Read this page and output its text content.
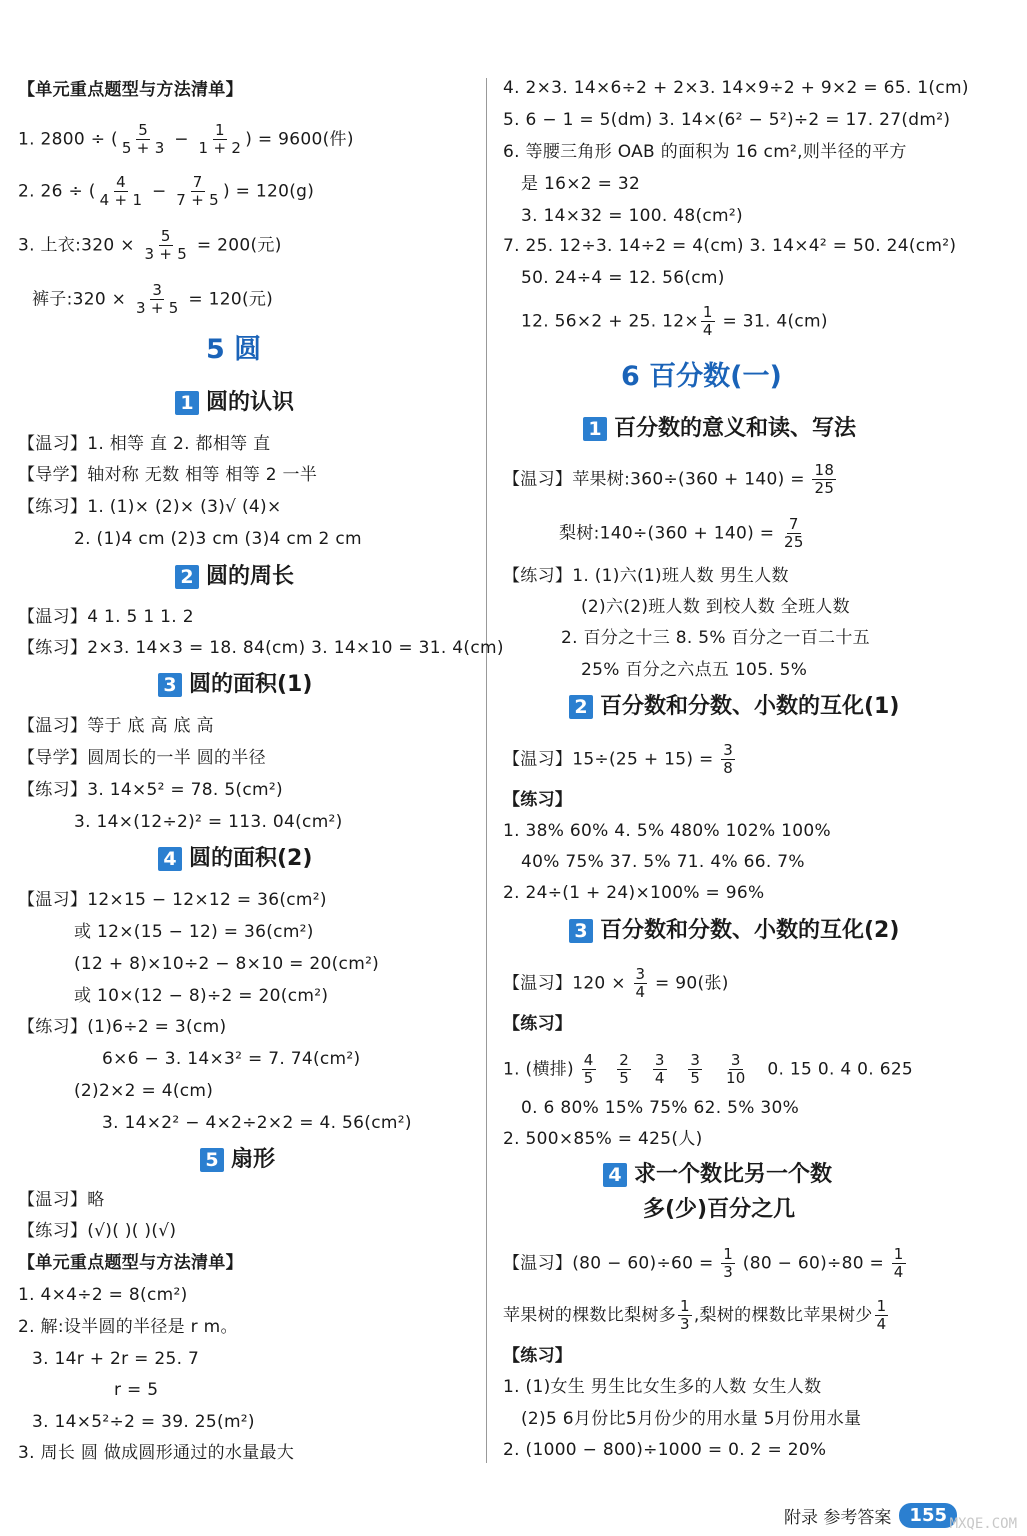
【单元重点题型与方法清单】
1. 2800 ÷ ( $\frac{5}{5 + 3} - \frac{1}{1 + 2}$ ) = 9600(件)
2. 26 ÷ ( $\frac{4}{4 + 1} - \frac{7}{7 + 5}$ ) = 120(g)
3. 上衣:320 × $\frac{5}{3 + 5} = 200$(元)
裤子:320 × $\frac{3}{3 + 5} = 120$(元)
5 圆
1 圆的认识
【温习】1. 相等 直 2. 都相等 直
【导学】轴对称 无数 相等 相等 2 一半
【练习】1. (1)× (2)× (3)√ (4)×
2. (1)4 cm (2)3 cm (3)4 cm 2 cm
2 圆的周长
【温习】4 1. 5 1 1. 2
【练习】2×3. 14×3 = 18. 84(cm) 3. 14×10 = 31. 4(cm)
3 圆的面积(1)
【温习】等于 底 高 底 高
【导学】圆周长的一半 圆的半径
【练习】3. 14×5² = 78. 5(cm²)
3. 14×(12÷2)² = 113. 04(cm²)
4 圆的面积(2)
【温习】12×15 − 12×12 = 36(cm²)
或 12×(15 − 12) = 36(cm²)
(12 + 8)×10÷2 − 8×10 = 20(cm²)
或 10×(12 − 8)÷2 = 20(cm²)
【练习】(1)6÷2 = 3(cm)
6×6 − 3. 14×3² = 7. 74(cm²)
(2)2×2 = 4(cm)
3. 14×2² − 4×2÷2×2 = 4. 56(cm²)
5 扇形
【温习】略
【练习】(√)( )( )(√)
【单元重点题型与方法清单】
1. 4×4÷2 = 8(cm²)
2. 解:设半圆的半径是 r m。
3. 14r + 2r = 25. 7
r = 5
3. 14×5²÷2 = 39. 25(m²)
3. 周长 圆 做成圆形通过的水量最大
4. 2×3. 14×6÷2 + 2×3. 14×9÷2 + 9×2 = 65. 1(cm)
5. 6 − 1 = 5(dm) 3. 14×(6² − 5²)÷2 = 17. 27(dm²)
6. 等腰三角形 OAB 的面积为 16 cm²,则半径的平方
是 16×2 = 32
3. 14×32 = 100. 48(cm²)
7. 25. 12÷3. 14÷2 = 4(cm) 3. 14×4² = 50. 24(cm²)
50. 24÷4 = 12. 56(cm)
12. 56×2 + 25. $12\times \frac{1}{4} = 31$. 4(cm)
6 百分数(一)
1 百分数的意义和读、写法
【温习】苹果树:360÷(360 + $140) = \frac{18}{25}$
梨树:140÷(360 + $140) = \frac{7}{25}$
【练习】1. (1)六(1)班人数 男生人数
(2)六(2)班人数 到校人数 全班人数
2. 百分之十三 8. 5% 百分之一百二十五
25% 百分之六点五 105. 5%
2 百分数和分数、小数的互化(1)
【温习】$15\div(25 + 15) = \frac{3}{8}$
【练习】
1. 38% 60% 4. 5% 480% 102% 100%
40% 75% 37. 5% 71. 4% 66. 7%
2. 24÷(1 + 24)×100% = 96%
3 百分数和分数、小数的互化(2)
【温习】$120 \times \frac{3}{4} = 90$(张)
【练习】
1. (横排) $\frac{4}{5}$
$\frac{2}{5}$
$\frac{3}{4}$
$\frac{3}{5}$
$\frac{3}{10} 0$. 15 0. 4 0. 625
0. 6 80% 15% 75% 62. 5% 30%
2. 500×85% = 425(人)
4 求一个数比另一个数
多(少)百分之几
【温习】$(80 - 60)\div 60 = \frac{1}{3} (80 - 60)\div 80 = \frac{1}{4}$
苹果树的棵数比梨树多 $\frac{1}{3}$ ,梨树的棵数比苹果树少 $\frac{1}{4}$
【练习】
1. (1)女生 男生比女生多的人数 女生人数
(2)5 6月份比5月份少的用水量 5月份用水量
2. (1000 − 800)÷1000 = 0. 2 = 20%
附录 参考答案	155 MXQE.COM
